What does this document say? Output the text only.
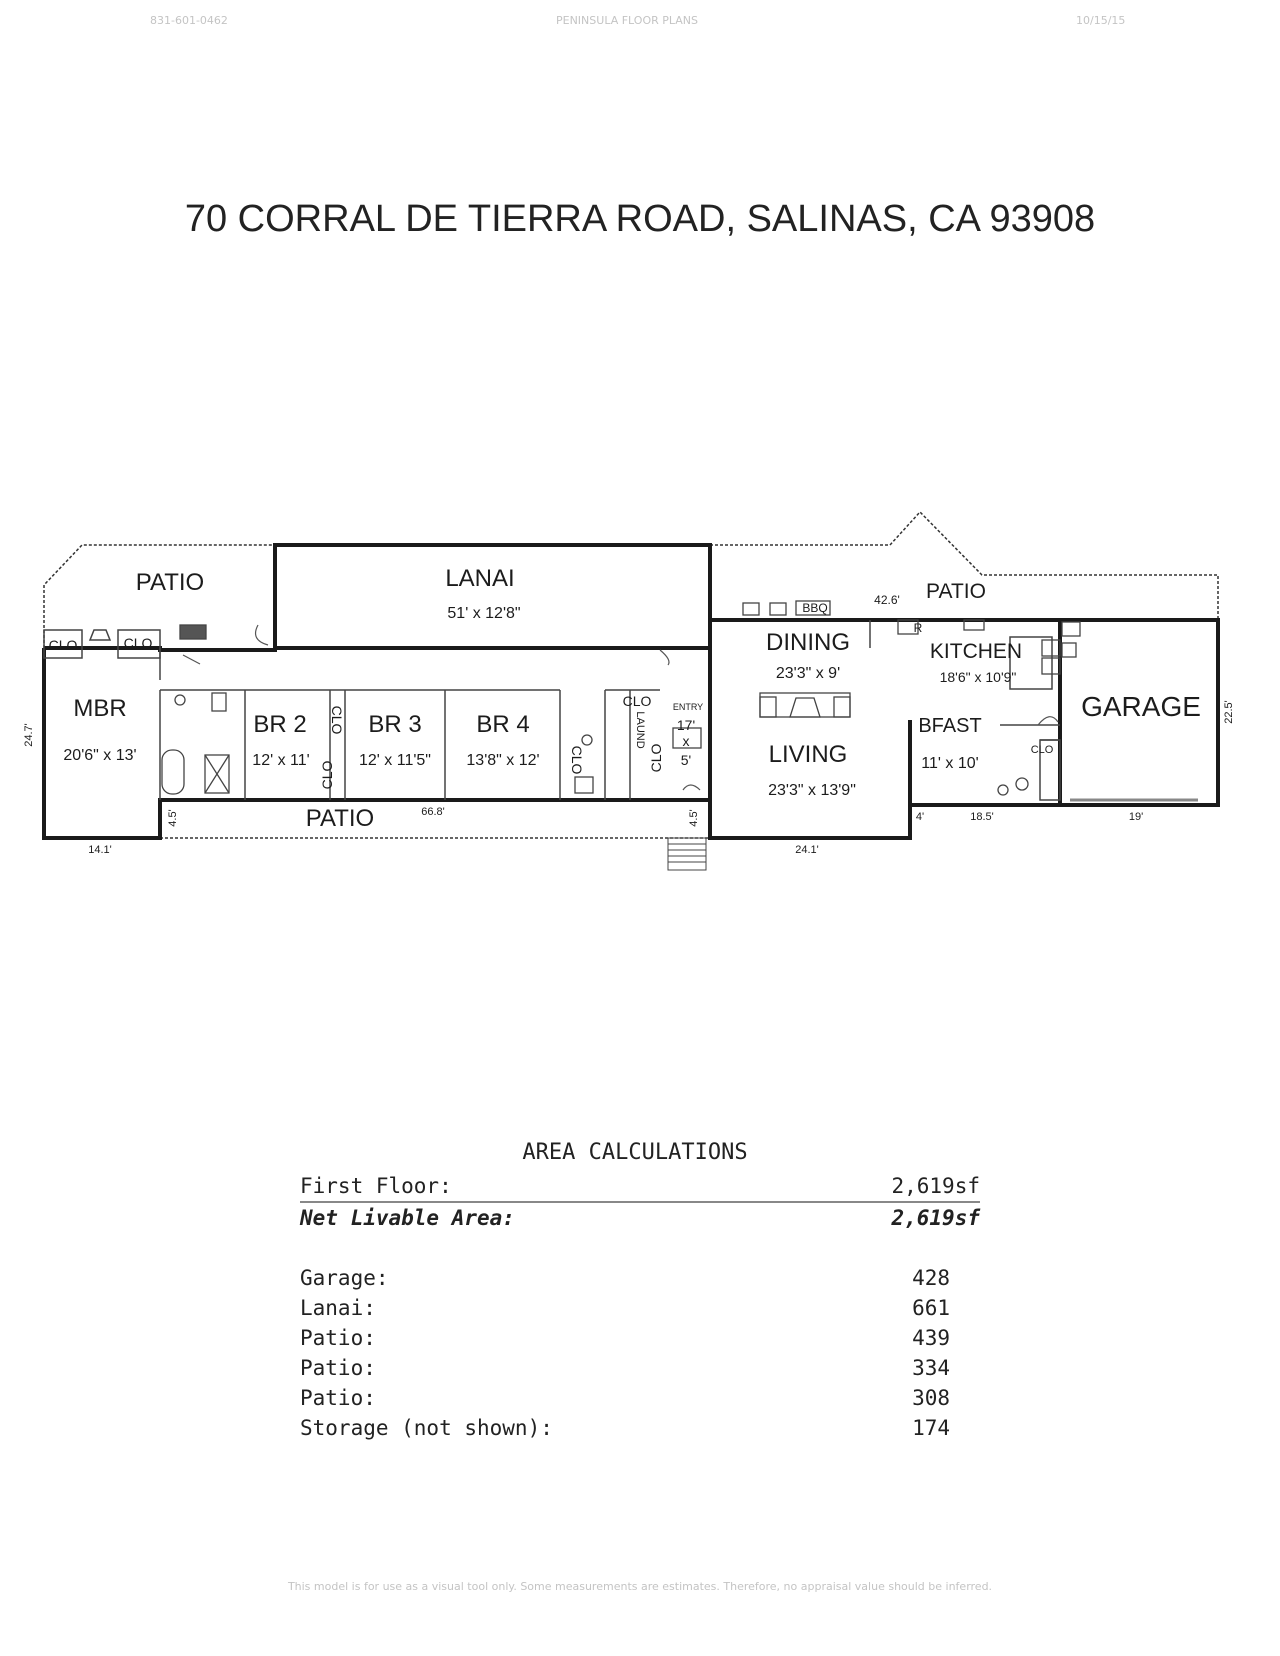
831-601-0462	PENINSULA FLOOR PLANS	10/15/15
70 CORRAL DE TIERRA ROAD, SALINAS, CA 93908
PATIO	LANAI
51' x 12'8"
PATIO
42.6'
CLO	CLO
MBR
20'6" x 13'
BR 2
12' x 11'
BR 3
12' x 11'5"
BR 4
13'8" x 12'
CLO
CLO
CLO	CLO
CLO
LAUND
ENTRY
17'
x
5'
DINING
23'3" x 9'
LIVING
23'3" x 13'9"
KITCHEN
18'6" x 10'9"
BFAST
11' x 10'
CLO
GARAGE
PATIO
BBQ
R
24.7'
22.5'
14.1'
66.8'
4.5'	4.5'
24.1'
18.5'	19'
4'
AREA CALCULATIONS
First Floor:	2,619sf
Net Livable Area:	2,619sf
Garage:	428
Lanai:	661
Patio:	439
Patio:	334
Patio:	308
Storage (not shown):	174
This model is for use as a visual tool only. Some measurements are estimates. Therefore, no appraisal value should be inferred.
